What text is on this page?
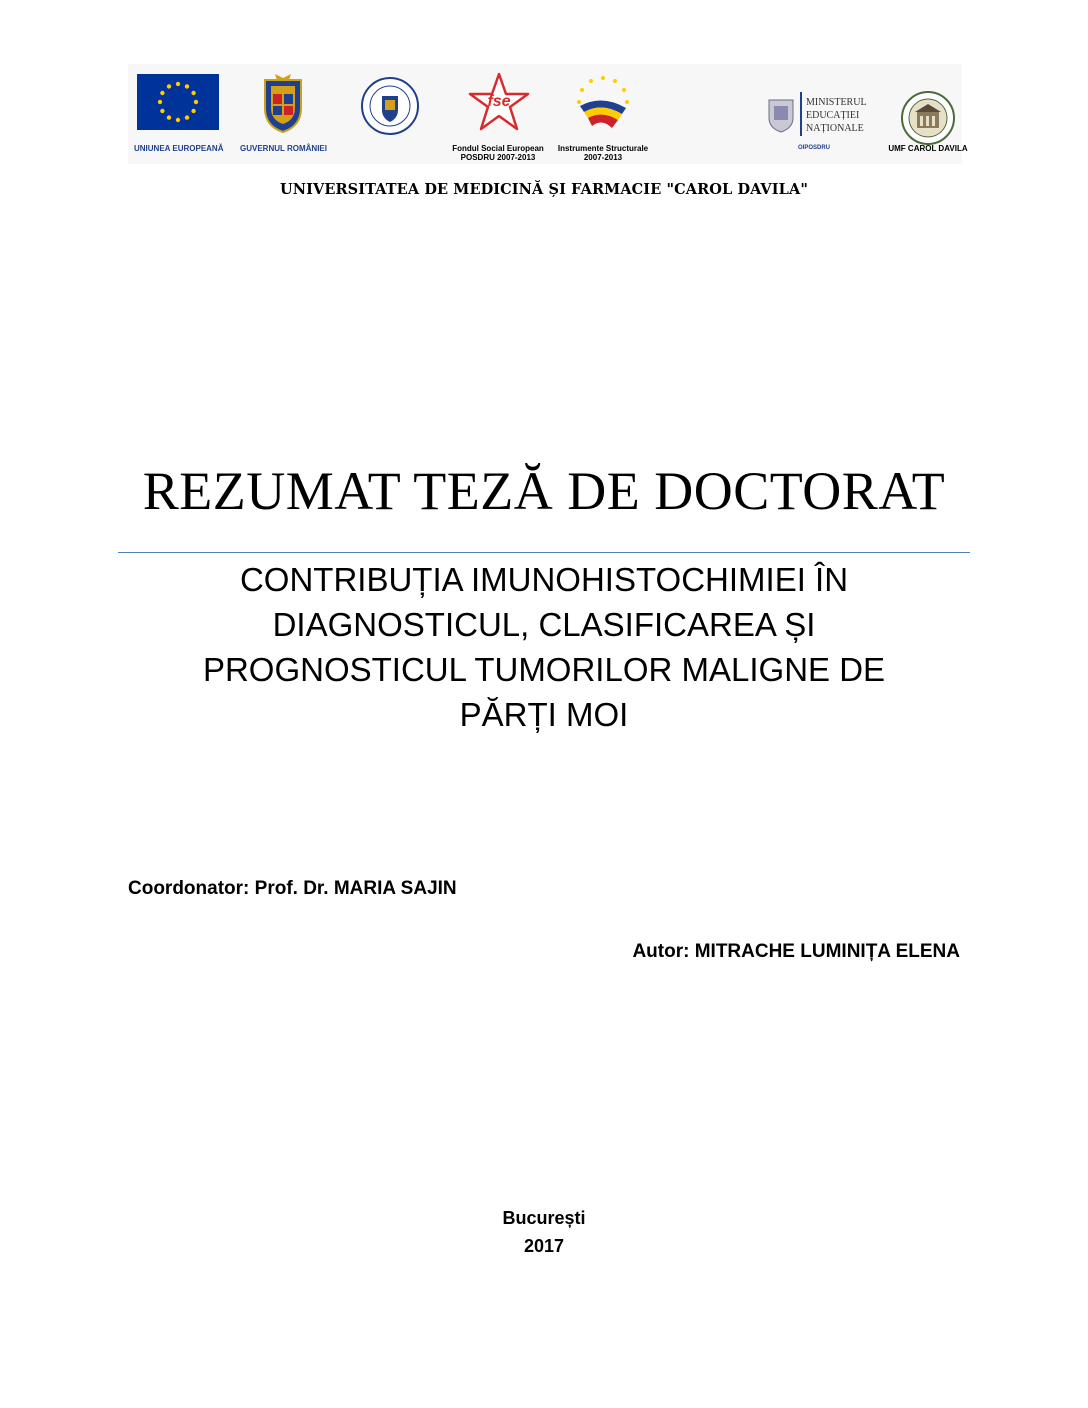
UNIUNEA EUROPEANĂ GUVERNUL ROMÂNIEI
fse
Fondul Social European
POSDRU 2007-2013
Instrumente Structurale
2007-2013
MINISTERUL
EDUCAȚIEI
NAȚIONALE
OIPOSDRU	UMF CAROL DAVILA
UNIVERSITATEA DE MEDICINĂ ȘI FARMACIE "CAROL DAVILA"
REZUMAT TEZĂ DE DOCTORAT
CONTRIBUȚIA IMUNOHISTOCHIMIEI ÎN
DIAGNOSTICUL, CLASIFICAREA ȘI
PROGNOSTICUL TUMORILOR MALIGNE DE
PĂRȚI MOI
Coordonator: Prof. Dr. MARIA SAJIN
Autor: MITRACHE LUMINIȚA ELENA
București
2017
